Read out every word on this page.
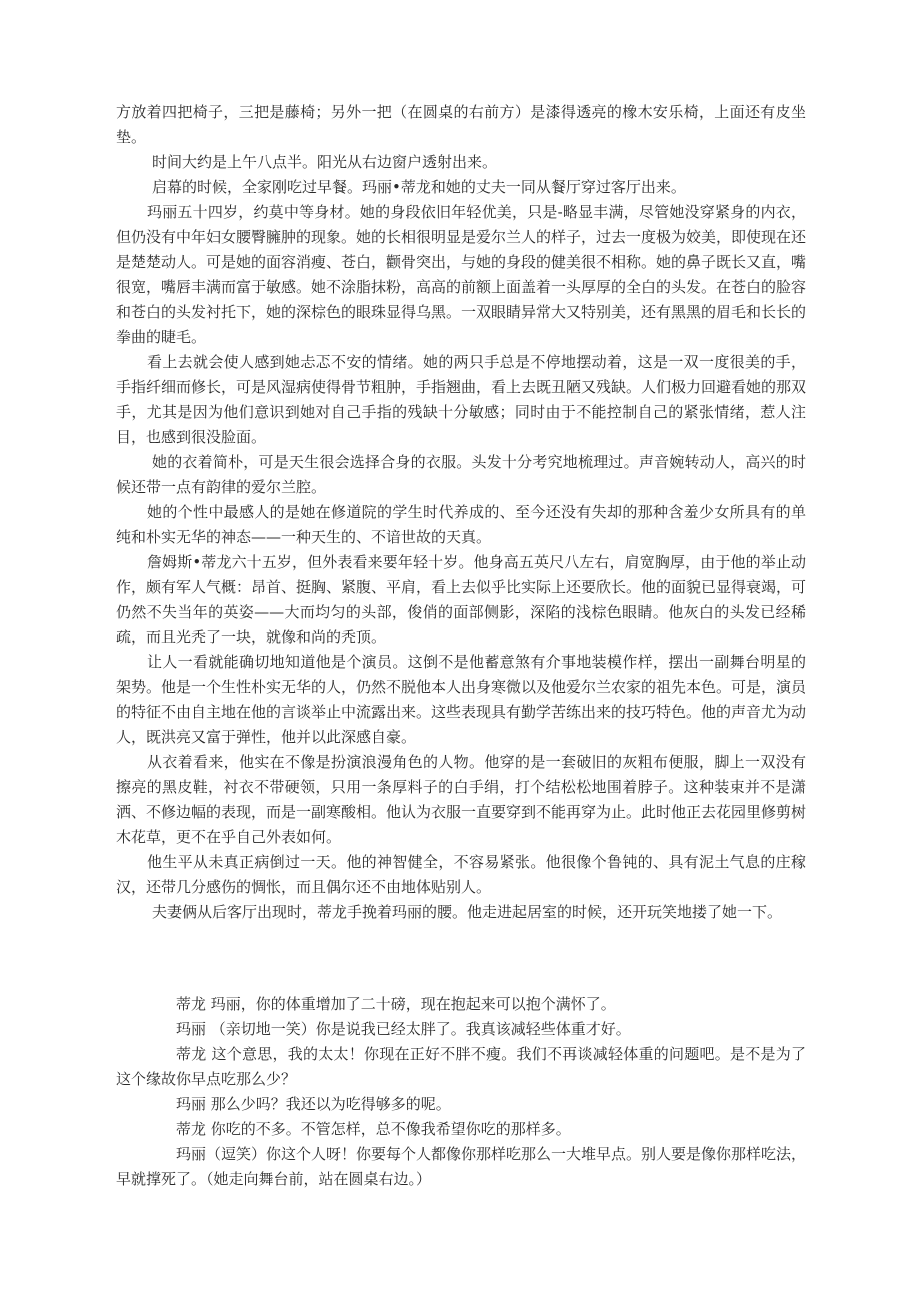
方放着四把椅子，三把是藤椅；另外一把（在圆桌的右前方）是漆得透亮的橡木安乐椅，上面还有皮坐垫。

时间大约是上午八点半。阳光从右边窗户透射出来。

启幕的时候，全家刚吃过早餐。玛丽•蒂龙和她的丈夫一同从餐厅穿过客厅出来。

玛丽五十四岁，约莫中等身材。她的身段依旧年轻优美，只是-略显丰满，尽管她没穿紧身的内衣，但仍没有中年妇女腰臀臃肿的现象。她的长相很明显是爱尔兰人的样子，过去一度极为姣美，即使现在还是楚楚动人。可是她的面容消瘦、苍白，颧骨突出，与她的身段的健美很不相称。她的鼻子既长又直，嘴很宽，嘴唇丰满而富于敏感。她不涂脂抹粉，高高的前额上面盖着一头厚厚的全白的头发。在苍白的脸容和苍白的头发衬托下，她的深棕色的眼珠显得乌黑。一双眼睛异常大又特别美，还有黑黑的眉毛和长长的拳曲的睫毛。

看上去就会使人感到她忐忑不安的情绪。她的两只手总是不停地摆动着，这是一双一度很美的手，手指纤细而修长，可是风湿病使得骨节粗肿，手指翘曲，看上去既丑陋又残缺。人们极力回避看她的那双手，尤其是因为他们意识到她对自己手指的残缺十分敏感；同时由于不能控制自己的紧张情绪，惹人注目，也感到很没脸面。

她的衣着简朴，可是天生很会选择合身的衣服。头发十分考究地梳理过。声音婉转动人，高兴的时候还带一点有韵律的爱尔兰腔。

她的个性中最感人的是她在修道院的学生时代养成的、至今还没有失却的那种含羞少女所具有的单纯和朴实无华的神态——一种天生的、不谙世故的天真。

詹姆斯•蒂龙六十五岁，但外表看来要年轻十岁。他身高五英尺八左右，肩宽胸厚，由于他的举止动作，颇有军人气概：昂首、挺胸、紧腹、平肩，看上去似乎比实际上还要欣长。他的面貌已显得衰竭，可仍然不失当年的英姿——大而均匀的头部，俊俏的面部侧影，深陷的浅棕色眼睛。他灰白的头发已经稀疏，而且光秃了一块，就像和尚的秃顶。

让人一看就能确切地知道他是个演员。这倒不是他蓄意煞有介事地装模作样，摆出一副舞台明星的架势。他是一个生性朴实无华的人，仍然不脱他本人出身寒微以及他爱尔兰农家的祖先本色。可是，演员的特征不由自主地在他的言谈举止中流露出来。这些表现具有勤学苦练出来的技巧特色。他的声音尤为动人，既洪亮又富于弹性，他并以此深感自豪。

从衣着看来，他实在不像是扮演浪漫角色的人物。他穿的是一套破旧的灰粗布便服，脚上一双没有擦亮的黑皮鞋，衬衣不带硬领，只用一条厚料子的白手绢，打个结松松地围着脖子。这种装束并不是潇洒、不修边幅的表现，而是一副寒酸相。他认为衣服一直要穿到不能再穿为止。此时他正去花园里修剪树木花草，更不在乎自己外表如何。

他生平从未真正病倒过一天。他的神智健全，不容易紧张。他很像个鲁钝的、具有泥土气息的庄稼汉，还带几分感伤的惆怅，而且偶尔还不由地体贴别人。

夫妻俩从后客厅出现时，蒂龙手挽着玛丽的腰。他走进起居室的时候，还开玩笑地搂了她一下。

蒂龙 玛丽，你的体重增加了二十磅，现在抱起来可以抱个满怀了。

玛丽 （亲切地一笑）你是说我已经太胖了。我真该减轻些体重才好。

蒂龙 这个意思，我的太太！你现在正好不胖不瘦。我们不再谈减轻体重的问题吧。是不是为了这个缘故你早点吃那么少？

玛丽 那么少吗？我还以为吃得够多的呢。

蒂龙 你吃的不多。不管怎样，总不像我希望你吃的那样多。

玛丽（逗笑）你这个人呀！你要每个人都像你那样吃那么一大堆早点。别人要是像你那样吃法，早就撑死了。（她走向舞台前，站在圆桌右边。）
